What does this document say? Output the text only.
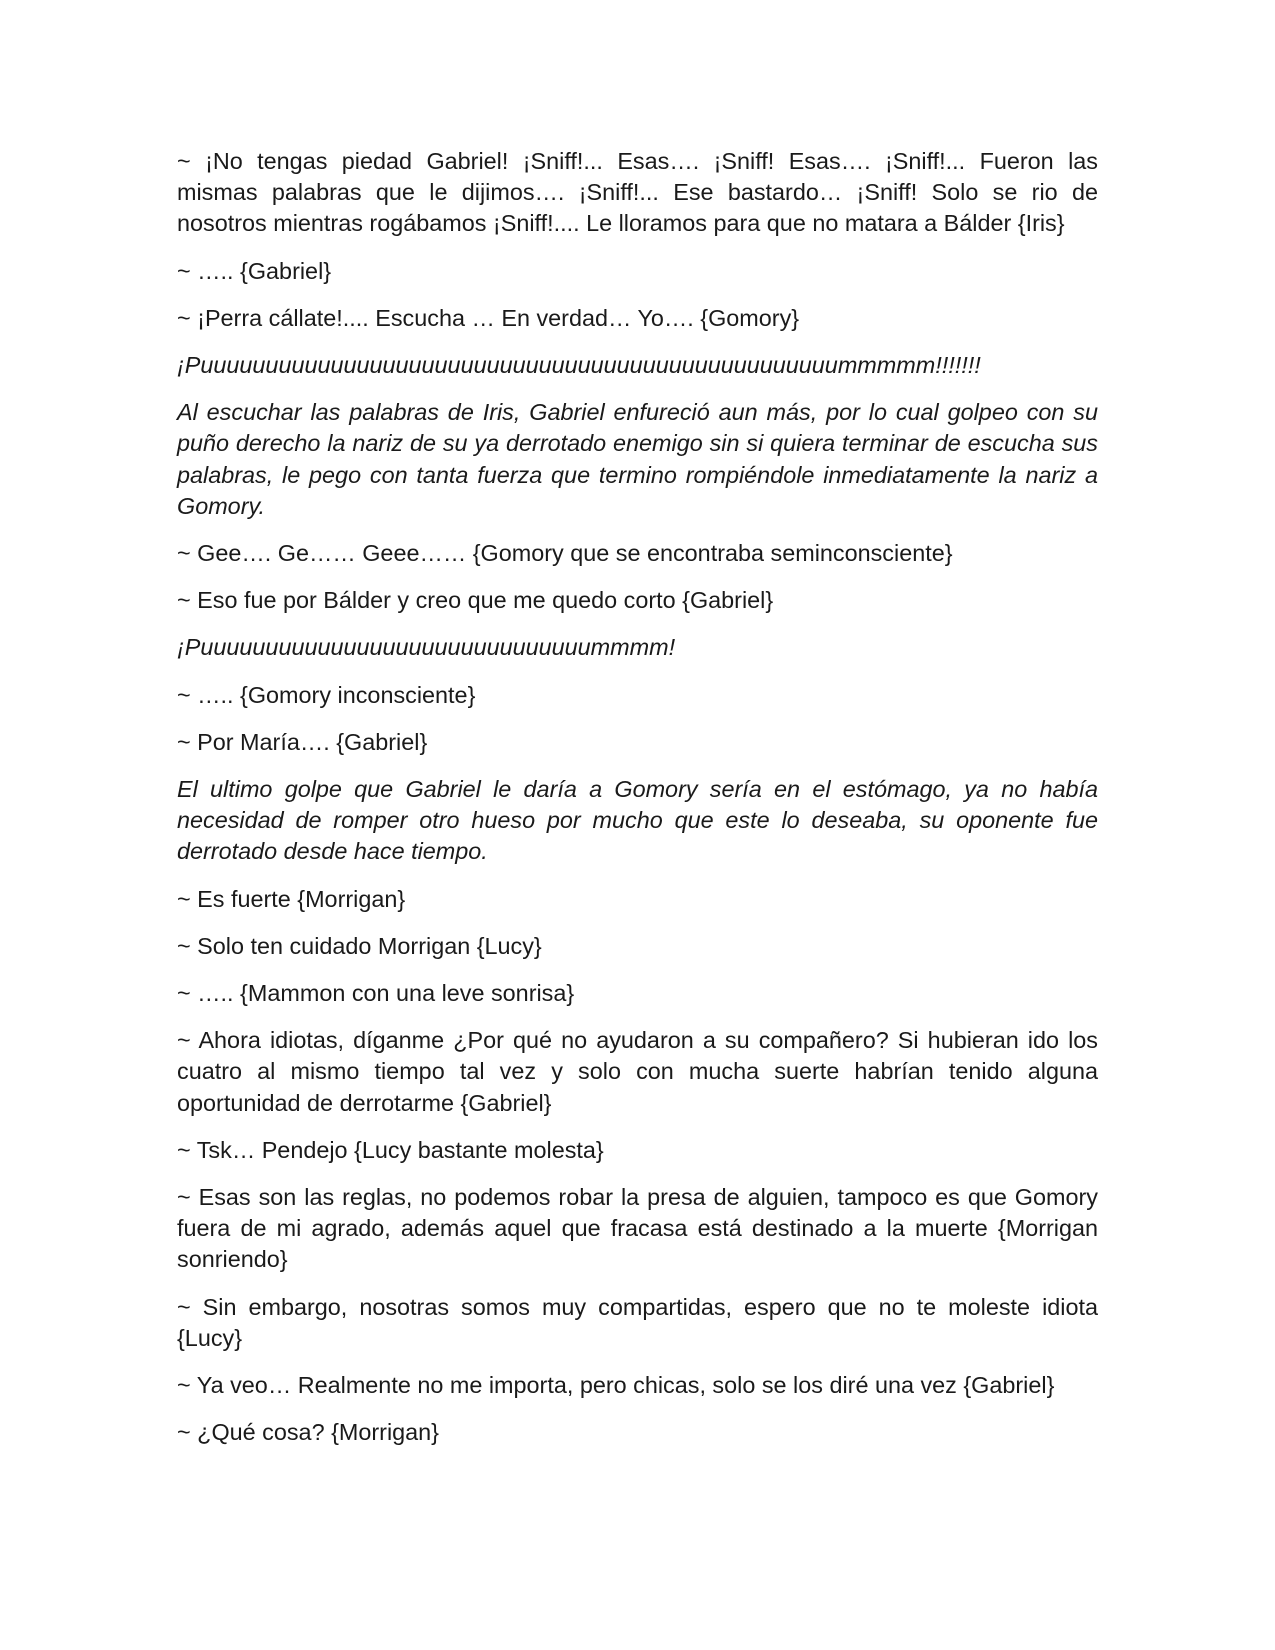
~ ¡No tengas piedad Gabriel! ¡Sniff!... Esas…. ¡Sniff! Esas…. ¡Sniff!... Fueron las mismas palabras que le dijimos…. ¡Sniff!... Ese bastardo… ¡Sniff! Solo se rio de nosotros mientras rogábamos ¡Sniff!.... Le lloramos para que no matara a Bálder {Iris}

~ ….. {Gabriel}

~ ¡Perra cállate!.... Escucha … En verdad… Yo…. {Gomory}

¡Puuuuuuuuuuuuuuuuuuuuuuuuuuuuuuuuuuuuuuuuuuuuuuuuummmmm!!!!!!!

Al escuchar las palabras de Iris, Gabriel enfureció aun más, por lo cual golpeo con su puño derecho la nariz de su ya derrotado enemigo sin si quiera terminar de escucha sus palabras, le pego con tanta fuerza que termino rompiéndole inmediatamente la nariz a Gomory.

~ Gee…. Ge…… Geee…… {Gomory que se encontraba seminconsciente}

~ Eso fue por Bálder y creo que me quedo corto {Gabriel}

¡Puuuuuuuuuuuuuuuuuuuuuuuuuuuuuummmm!

~ ….. {Gomory inconsciente}

~ Por María…. {Gabriel}

El ultimo golpe que Gabriel le daría a Gomory sería en el estómago, ya no había necesidad de romper otro hueso por mucho que este lo deseaba, su oponente fue derrotado desde hace tiempo.

~ Es fuerte {Morrigan}

~ Solo ten cuidado Morrigan {Lucy}

~ ….. {Mammon con una leve sonrisa}

~ Ahora idiotas, díganme ¿Por qué no ayudaron a su compañero? Si hubieran ido los cuatro al mismo tiempo tal vez y solo con mucha suerte habrían tenido alguna oportunidad de derrotarme {Gabriel}

~ Tsk… Pendejo {Lucy bastante molesta}

~ Esas son las reglas, no podemos robar la presa de alguien, tampoco es que Gomory fuera de mi agrado, además aquel que fracasa está destinado a la muerte {Morrigan sonriendo}

~ Sin embargo, nosotras somos muy compartidas, espero que no te moleste idiota {Lucy}

~ Ya veo… Realmente no me importa, pero chicas, solo se los diré una vez {Gabriel}

~ ¿Qué cosa? {Morrigan}
